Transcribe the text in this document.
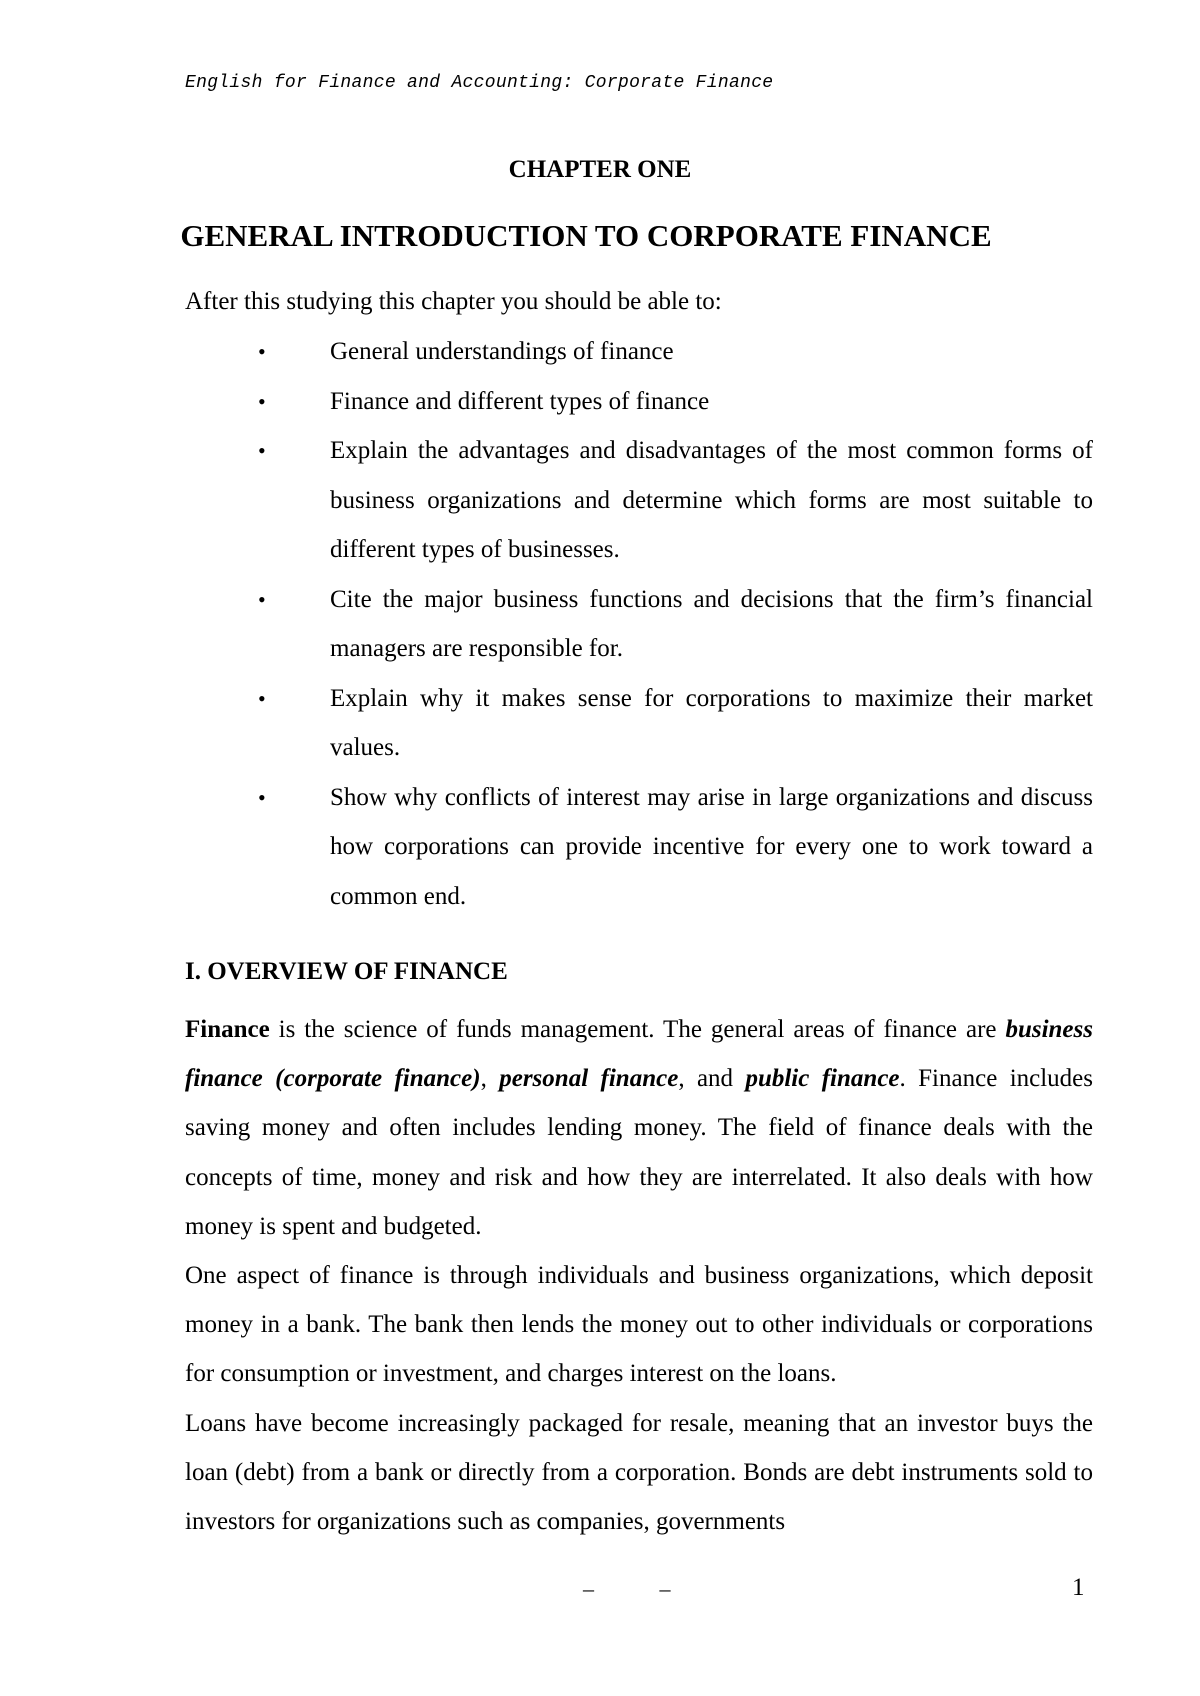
English for Finance and Accounting: Corporate Finance
CHAPTER ONE
GENERAL INTRODUCTION TO CORPORATE FINANCE

After this studying this chapter you should be able to:

•	General understandings of finance
•	Finance and different types of finance
•	Explain the advantages and disadvantages of the most common forms of business organizations and determine which forms are most suitable to different types of businesses.
•	Cite the major business functions and decisions that the firm’s financial managers are responsible for.
•	Explain why it makes sense for corporations to maximize their market values.
•	Show why conflicts of interest may arise in large organizations and discuss how corporations can provide incentive for every one to work toward a common end.
I. OVERVIEW OF FINANCE

Finance is the science of funds management. The general areas of finance are business finance (corporate finance), personal finance, and public finance. Finance includes saving money and often includes lending money. The field of finance deals with the concepts of time, money and risk and how they are interrelated. It also deals with how money is spent and budgeted.

One aspect of finance is through individuals and business organizations, which deposit money in a bank. The bank then lends the money out to other individuals or corporations for consumption or investment, and charges interest on the loans.

Loans have become increasingly packaged for resale, meaning that an investor buys the loan (debt) from a bank or directly from a corporation. Bonds are debt instruments sold to investors for organizations such as companies, governments

– –	1
